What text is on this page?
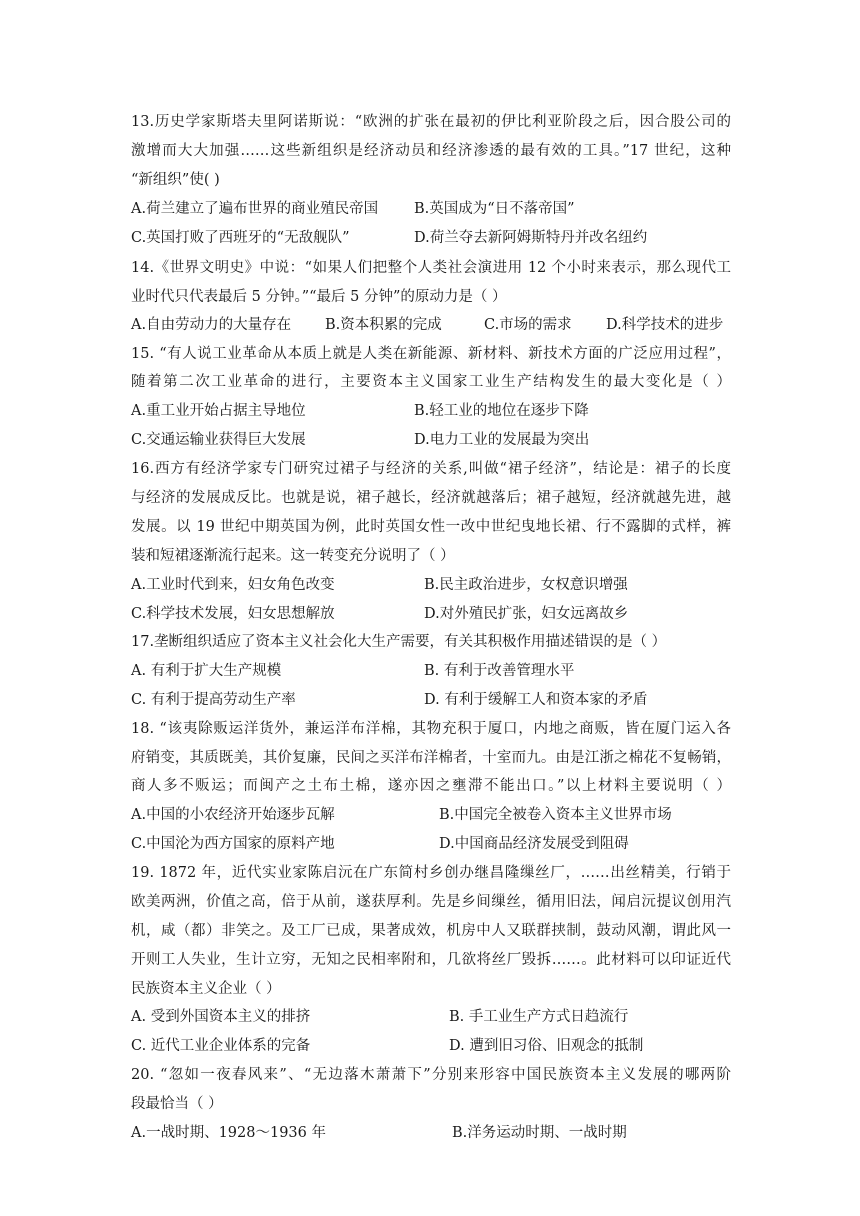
13.历史学家斯塔夫里阿诺斯说：“欧洲的扩张在最初的伊比利亚阶段之后，因合股公司的
激增而大大加强……这些新组织是经济动员和经济渗透的最有效的工具。”17 世纪，这种
“新组织”使( )
A.荷兰建立了遍布世界的商业殖民帝国 B.英国成为“日不落帝国”
C.英国打败了西班牙的“无敌舰队”	D.荷兰夺去新阿姆斯特丹并改名纽约
14.《世界文明史》中说：“如果人们把整个人类社会演进用 12 个小时来表示，那么现代工
业时代只代表最后 5 分钟。”“最后 5 分钟”的原动力是（ ）
A.自由劳动力的大量存在 B.资本积累的完成	C.市场的需求 D.科学技术的进步
15. “有人说工业革命从本质上就是人类在新能源、新材料、新技术方面的广泛应用过程”，
随着第二次工业革命的进行，主要资本主义国家工业生产结构发生的最大变化是（ ）
A.重工业开始占据主导地位	B.轻工业的地位在逐步下降
C.交通运输业获得巨大发展	D.电力工业的发展最为突出
16.西方有经济学家专门研究过裙子与经济的关系,叫做“裙子经济”，结论是：裙子的长度
与经济的发展成反比。也就是说，裙子越长，经济就越落后；裙子越短，经济就越先进，越
发展。以 19 世纪中期英国为例，此时英国女性一改中世纪曳地长裙、行不露脚的式样，裤
装和短裙逐渐流行起来。这一转变充分说明了（ ）
A.工业时代到来，妇女角色改变	B.民主政治进步，女权意识增强
C.科学技术发展，妇女思想解放	D.对外殖民扩张，妇女远离故乡
17.垄断组织适应了资本主义社会化大生产需要，有关其积极作用描述错误的是（ ）
A. 有利于扩大生产规模	B. 有利于改善管理水平
C. 有利于提高劳动生产率	D. 有利于缓解工人和资本家的矛盾
18. “该夷除贩运洋货外，兼运洋布洋棉，其物充积于厦口，内地之商贩，皆在厦门运入各
府销变，其质既美，其价复廉，民间之买洋布洋棉者，十室而九。由是江浙之棉花不复畅销，
商人多不贩运；而闽产之土布土棉，遂亦因之壅滞不能出口。”以上材料主要说明（ ）
A.中国的小农经济开始逐步瓦解	B.中国完全被卷入资本主义世界市场
C.中国沦为西方国家的原料产地	D.中国商品经济发展受到阻碍
19. 1872 年，近代实业家陈启沅在广东简村乡创办继昌隆缫丝厂，……出丝精美，行销于
欧美两洲，价值之高，倍于从前，遂获厚利。先是乡间缫丝，循用旧法，闻启沅提议创用汽
机，咸（都）非笑之。及工厂已成，果著成效，机房中人又联群挟制，鼓动风潮，谓此风一
开则工人失业，生计立穷，无知之民相率附和，几欲将丝厂毁拆……。此材料可以印证近代
民族资本主义企业（ ）
A. 受到外国资本主义的排挤	B. 手工业生产方式日趋流行
C. 近代工业企业体系的完备	D. 遭到旧习俗、旧观念的抵制
20. “忽如一夜春风来”、“无边落木萧萧下”分别来形容中国民族资本主义发展的哪两阶
段最恰当（ ）
A.一战时期、1928～1936 年	B.洋务运动时期、一战时期
